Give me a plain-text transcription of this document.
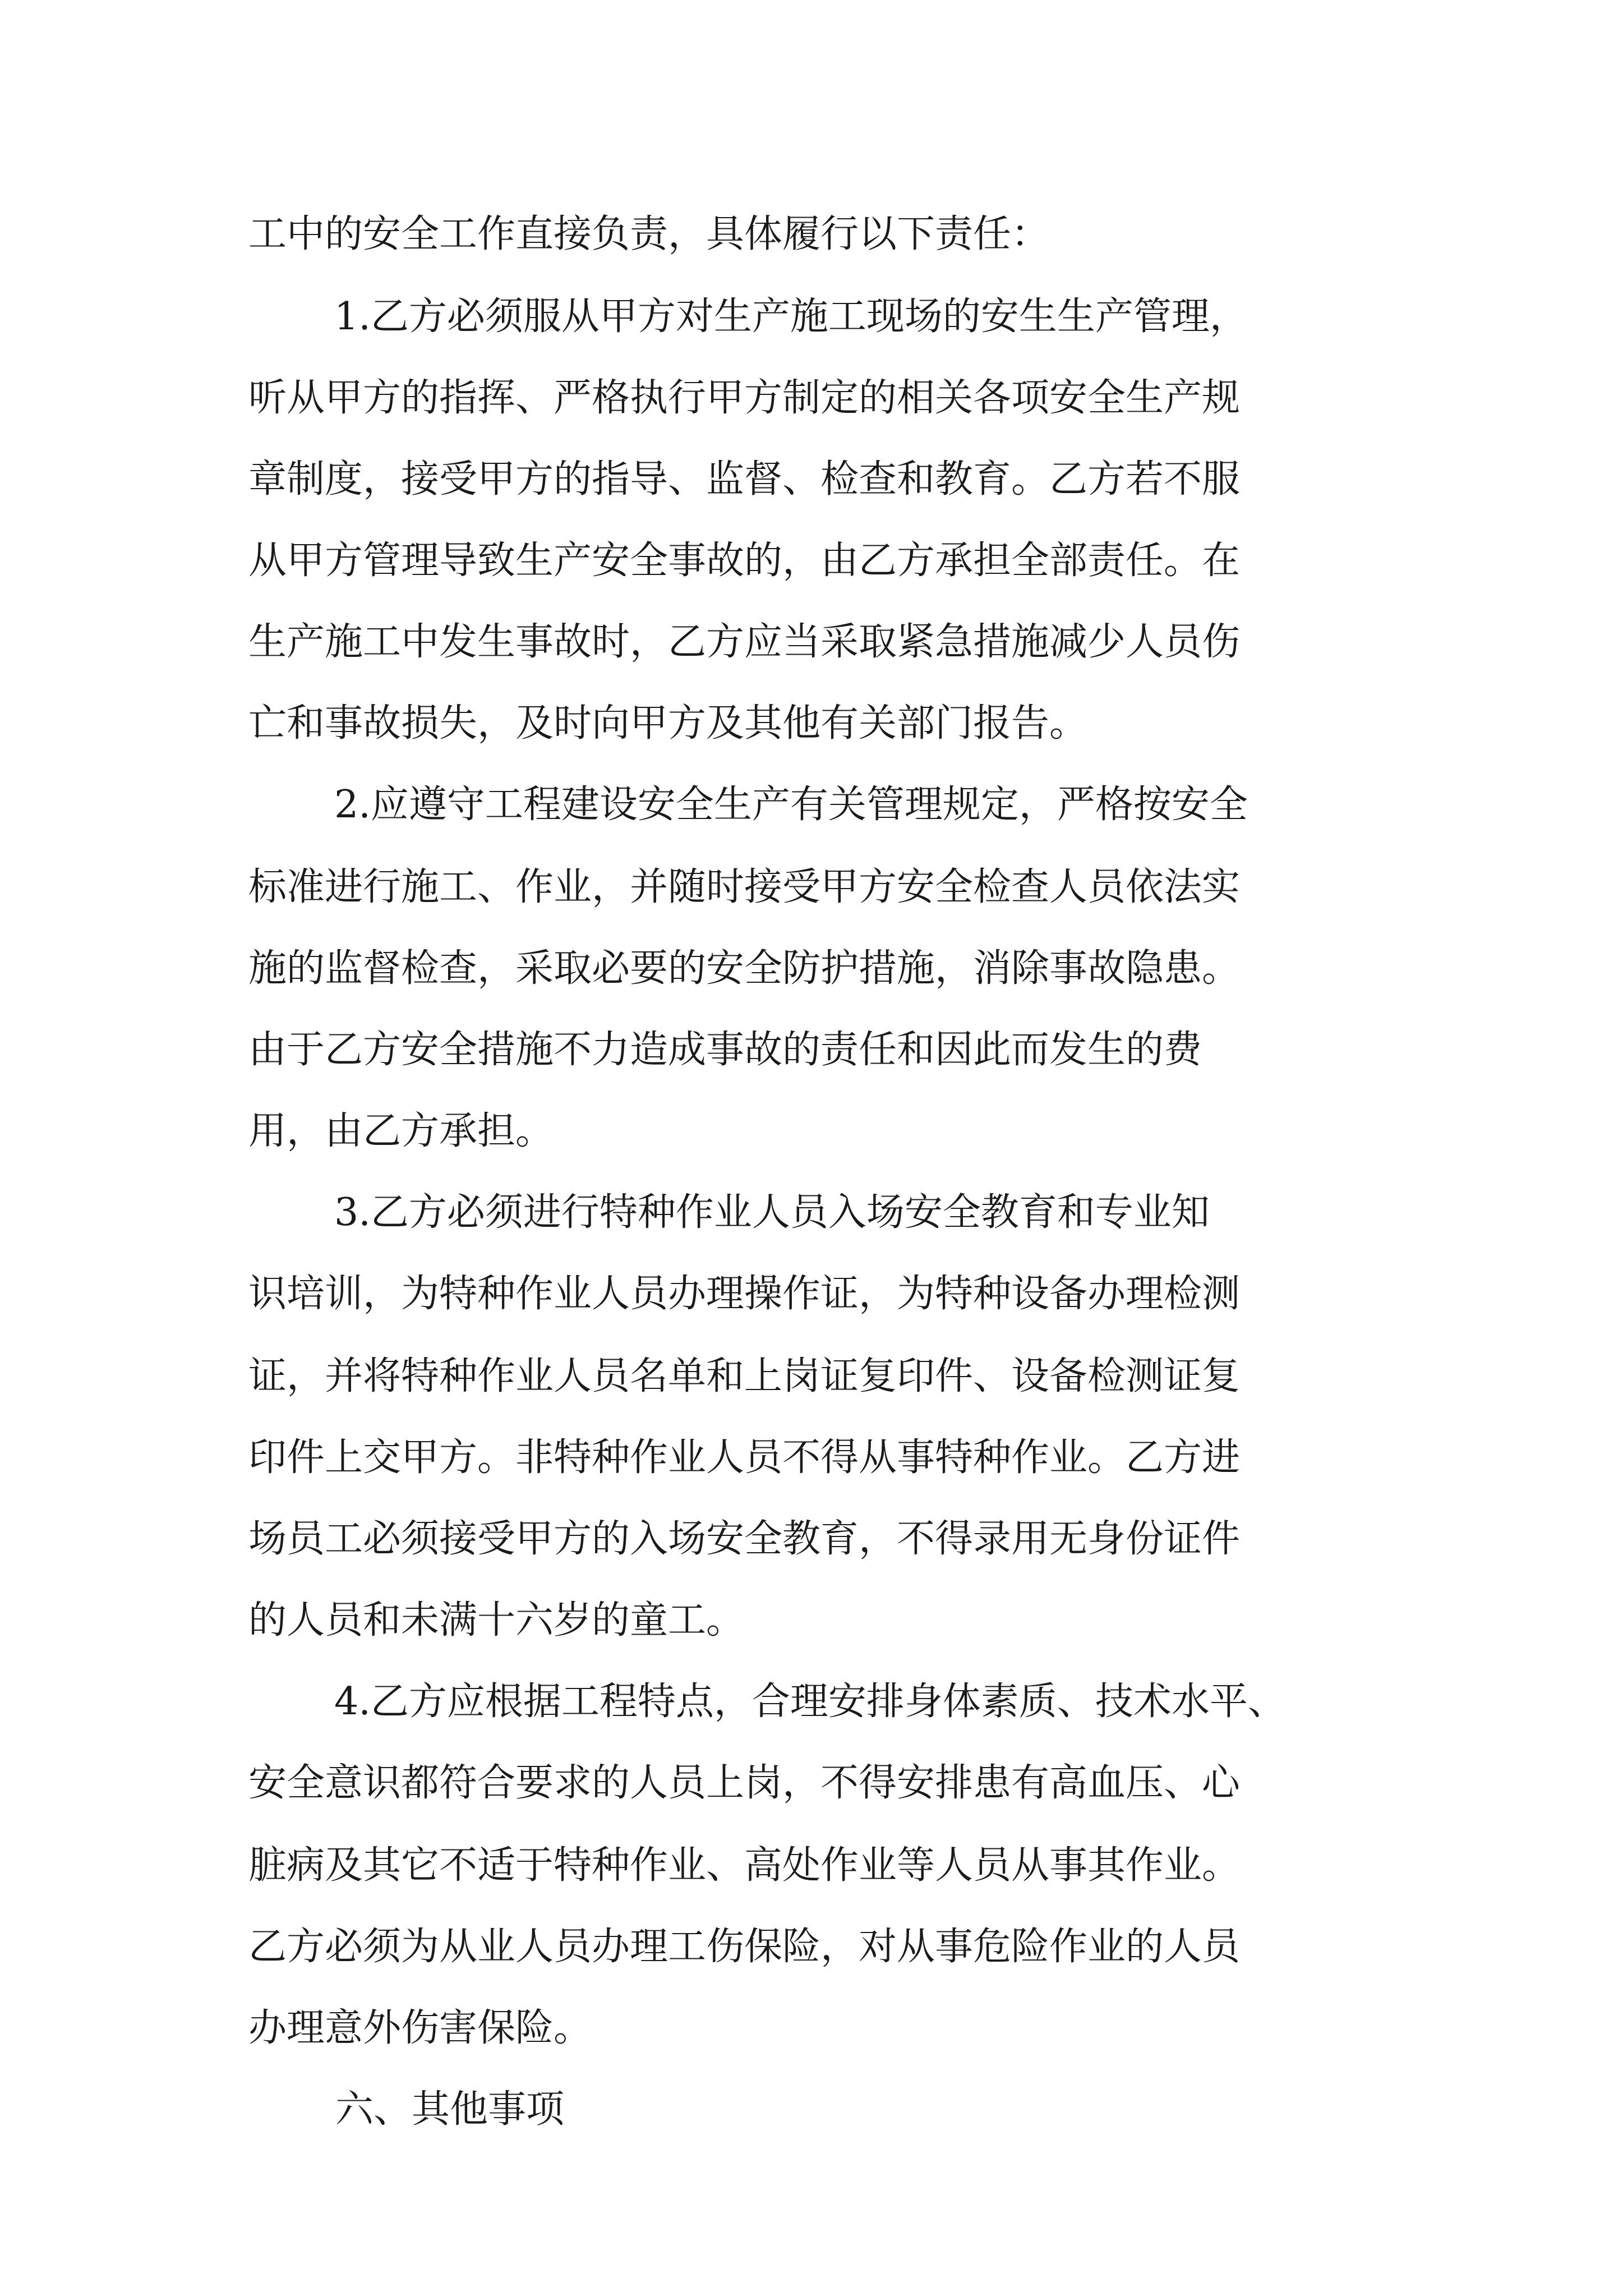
工中的安全工作直接负责，具体履行以下责任：

1.乙方必须服从甲方对生产施工现场的安生生产管理，

听从甲方的指挥、严格执行甲方制定的相关各项安全生产规

章制度，接受甲方的指导、监督、检查和教育。乙方若不服

从甲方管理导致生产安全事故的，由乙方承担全部责任。在

生产施工中发生事故时，乙方应当采取紧急措施减少人员伤

亡和事故损失，及时向甲方及其他有关部门报告。

2.应遵守工程建设安全生产有关管理规定，严格按安全

标准进行施工、作业，并随时接受甲方安全检查人员依法实

施的监督检查，采取必要的安全防护措施，消除事故隐患。

由于乙方安全措施不力造成事故的责任和因此而发生的费

用，由乙方承担。

3.乙方必须进行特种作业人员入场安全教育和专业知

识培训，为特种作业人员办理操作证，为特种设备办理检测

证，并将特种作业人员名单和上岗证复印件、设备检测证复

印件上交甲方。非特种作业人员不得从事特种作业。乙方进

场员工必须接受甲方的入场安全教育，不得录用无身份证件

的人员和未满十六岁的童工。

4.乙方应根据工程特点，合理安排身体素质、技术水平、

安全意识都符合要求的人员上岗，不得安排患有高血压、心

脏病及其它不适于特种作业、高处作业等人员从事其作业。

乙方必须为从业人员办理工伤保险，对从事危险作业的人员

办理意外伤害保险。

六、其他事项
